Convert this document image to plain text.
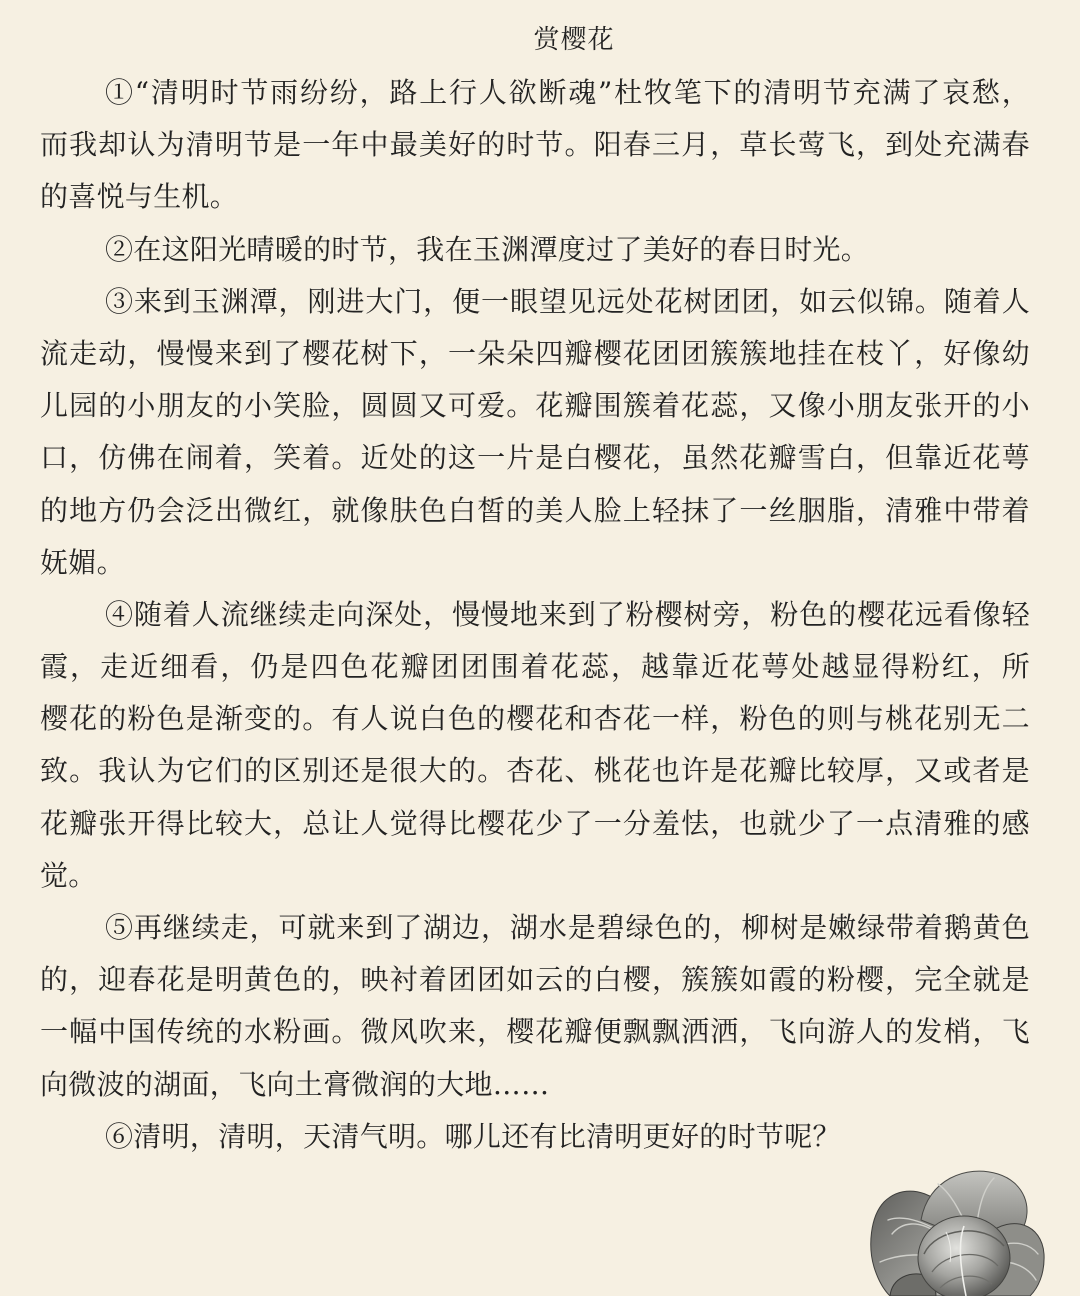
赏樱花
①“清明时节雨纷纷，路上行人欲断魂”杜牧笔下的清明节充满了哀愁，
而我却认为清明节是一年中最美好的时节。阳春三月，草长莺飞，到处充满春
的喜悦与生机。
②在这阳光晴暖的时节，我在玉渊潭度过了美好的春日时光。
③来到玉渊潭，刚进大门，便一眼望见远处花树团团，如云似锦。随着人
流走动，慢慢来到了樱花树下，一朵朵四瓣樱花团团簇簇地挂在枝丫，好像幼
儿园的小朋友的小笑脸，圆圆又可爱。花瓣围簇着花蕊，又像小朋友张开的小
口，仿佛在闹着，笑着。近处的这一片是白樱花，虽然花瓣雪白，但靠近花萼
的地方仍会泛出微红，就像肤色白皙的美人脸上轻抹了一丝胭脂，清雅中带着
妩媚。
④随着人流继续走向深处，慢慢地来到了粉樱树旁，粉色的樱花远看像轻
霞，走近细看，仍是四色花瓣团团围着花蕊，越靠近花萼处越显得粉红，所
樱花的粉色是渐变的。有人说白色的樱花和杏花一样，粉色的则与桃花别无二
致。我认为它们的区别还是很大的。杏花、桃花也许是花瓣比较厚，又或者是
花瓣张开得比较大，总让人觉得比樱花少了一分羞怯，也就少了一点清雅的感
觉。
⑤再继续走，可就来到了湖边，湖水是碧绿色的，柳树是嫩绿带着鹅黄色
的，迎春花是明黄色的，映衬着团团如云的白樱，簇簇如霞的粉樱，完全就是
一幅中国传统的水粉画。微风吹来，樱花瓣便飘飘洒洒，飞向游人的发梢，飞
向微波的湖面，飞向土膏微润的大地……
⑥清明，清明，天清气明。哪儿还有比清明更好的时节呢？
